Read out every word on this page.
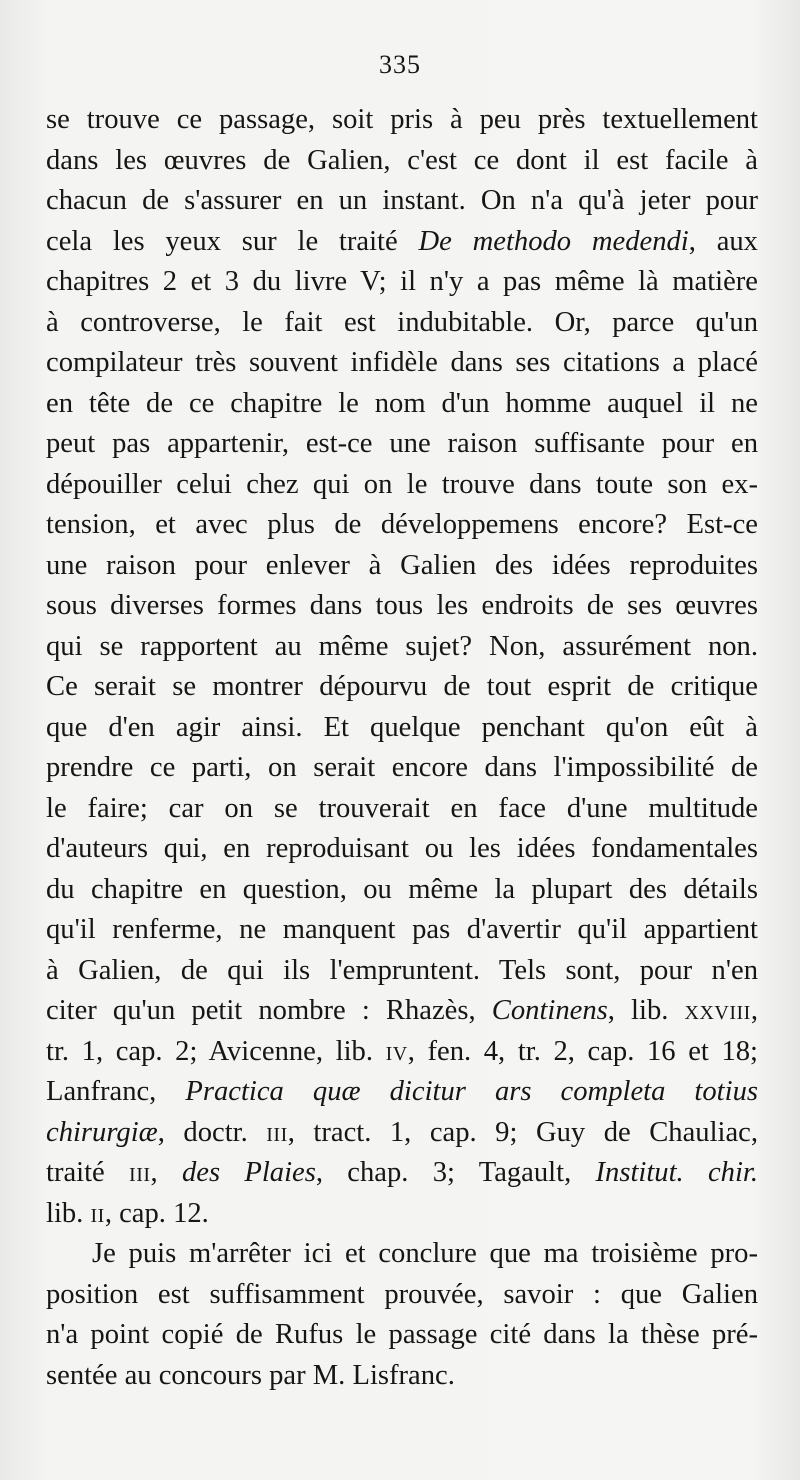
335

se trouve ce passage, soit pris à peu près textuellement
dans les œuvres de Galien, c'est ce dont il est facile à
chacun de s'assurer en un instant. On n'a qu'à jeter pour
cela les yeux sur le traité De methodo medendi, aux
chapitres 2 et 3 du livre V; il n'y a pas même là matière
à controverse, le fait est indubitable. Or, parce qu'un
compilateur très souvent infidèle dans ses citations a placé
en tête de ce chapitre le nom d'un homme auquel il ne
peut pas appartenir, est-ce une raison suffisante pour en
dépouiller celui chez qui on le trouve dans toute son ex-
tension, et avec plus de développemens encore? Est-ce
une raison pour enlever à Galien des idées reproduites
sous diverses formes dans tous les endroits de ses œuvres
qui se rapportent au même sujet? Non, assurément non.
Ce serait se montrer dépourvu de tout esprit de critique
que d'en agir ainsi. Et quelque penchant qu'on eût à
prendre ce parti, on serait encore dans l'impossibilité de
le faire; car on se trouverait en face d'une multitude
d'auteurs qui, en reproduisant ou les idées fondamentales
du chapitre en question, ou même la plupart des détails
qu'il renferme, ne manquent pas d'avertir qu'il appartient
à Galien, de qui ils l'empruntent. Tels sont, pour n'en
citer qu'un petit nombre : Rhazès, Continens, lib. xxviii,
tr. 1, cap. 2; Avicenne, lib. iv, fen. 4, tr. 2, cap. 16 et 18;
Lanfranc, Practica quæ dicitur ars completa totius
chirurgiæ, doctr. iii, tract. 1, cap. 9; Guy de Chauliac,
traité iii, des Plaies, chap. 3; Tagault, Institut. chir.
lib. ii, cap. 12.

Je puis m'arrêter ici et conclure que ma troisième pro-
position est suffisamment prouvée, savoir : que Galien
n'a point copié de Rufus le passage cité dans la thèse pré-
sentée au concours par M. Lisfranc.
